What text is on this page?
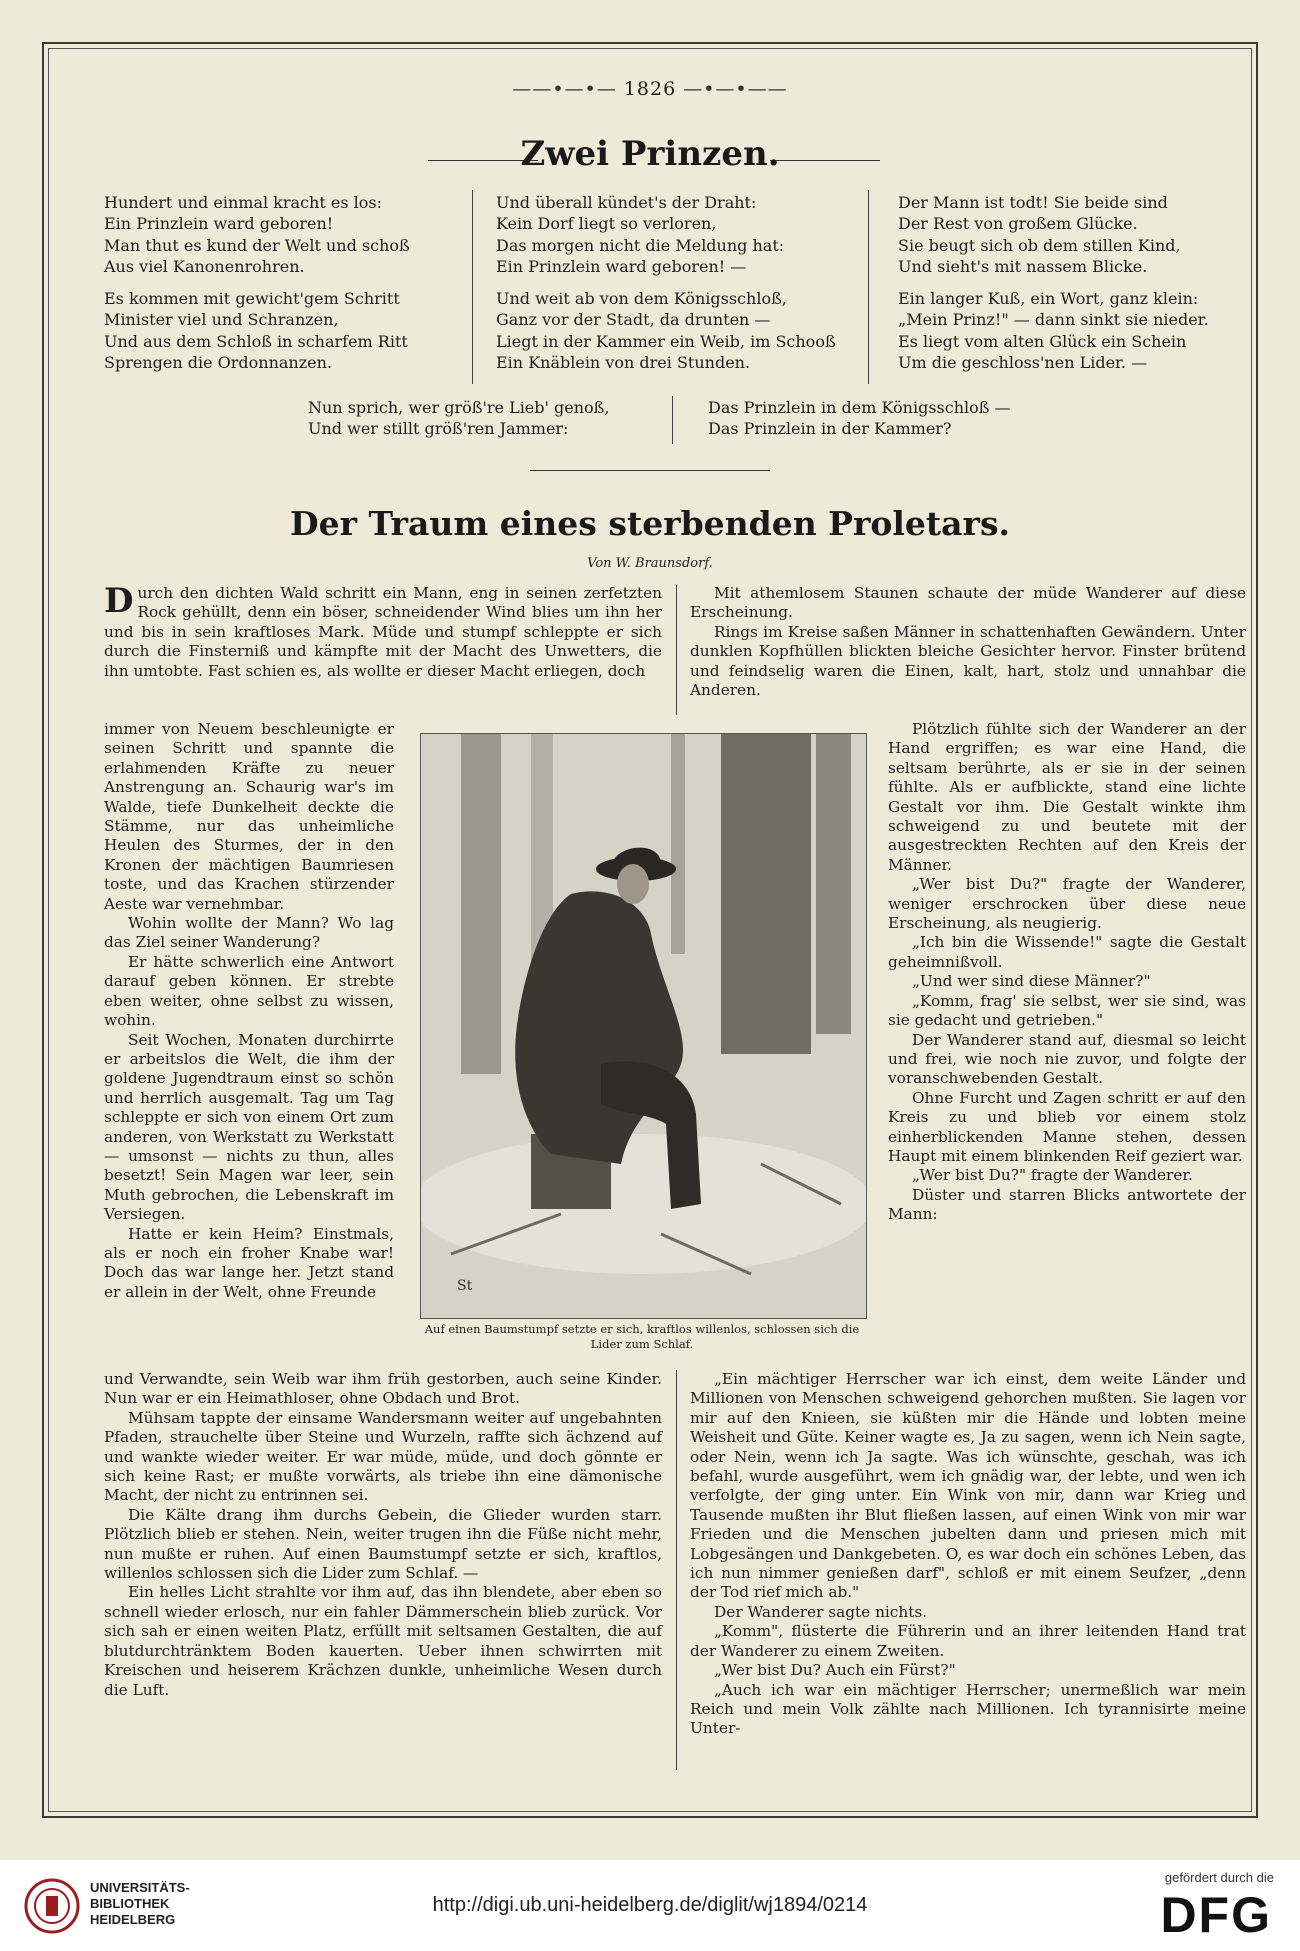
——•—•— 1826 —•—•——
Zwei Prinzen.

Hundert und einmal kracht es los:
Ein Prinzlein ward geboren!
Man thut es kund der Welt und schoß
Aus viel Kanonenrohren.

Es kommen mit gewicht'gem Schritt
Minister viel und Schranzen,
Und aus dem Schloß in scharfem Ritt
Sprengen die Ordonnanzen.

Und überall kündet's der Draht:
Kein Dorf liegt so verloren,
Das morgen nicht die Meldung hat:
Ein Prinzlein ward geboren! —

Und weit ab von dem Königsschloß,
Ganz vor der Stadt, da drunten —
Liegt in der Kammer ein Weib, im Schooß
Ein Knäblein von drei Stunden.

Der Mann ist todt! Sie beide sind
Der Rest von großem Glücke.
Sie beugt sich ob dem stillen Kind,
Und sieht's mit nassem Blicke.

Ein langer Kuß, ein Wort, ganz klein:
„Mein Prinz!" — dann sinkt sie nieder.
Es liegt vom alten Glück ein Schein
Um die geschloss'nen Lider. —

Nun sprich, wer größ're Lieb' genoß,
Und wer stillt größ'ren Jammer:

Das Prinzlein in dem Königsschloß —
Das Prinzlein in der Kammer?

Der Traum eines sterbenden Proletars.
Von W. Braunsdorf.

Durch den dichten Wald schritt ein Mann, eng in seinen zerfetzten Rock gehüllt, denn ein böser, schneidender Wind blies um ihn her und bis in sein kraftloses Mark. Müde und stumpf schleppte er sich durch die Finsterniß und kämpfte mit der Macht des Unwetters, die ihn umtobte. Fast schien es, als wollte er dieser Macht erliegen, doch

immer von Neuem beschleunigte er seinen Schritt und spannte die erlahmenden Kräfte zu neuer Anstrengung an. Schaurig war's im Walde, tiefe Dunkelheit deckte die Stämme, nur das unheimliche Heulen des Sturmes, der in den Kronen der mächtigen Baumriesen toste, und das Krachen stürzender Aeste war vernehmbar.

Wohin wollte der Mann? Wo lag das Ziel seiner Wanderung?

Er hätte schwerlich eine Antwort darauf geben können. Er strebte eben weiter, ohne selbst zu wissen, wohin.

Seit Wochen, Monaten durchirrte er arbeitslos die Welt, die ihm der goldene Jugendtraum einst so schön und herrlich ausgemalt. Tag um Tag schleppte er sich von einem Ort zum anderen, von Werkstatt zu Werkstatt — umsonst — nichts zu thun, alles besetzt! Sein Magen war leer, sein Muth gebrochen, die Lebenskraft im Versiegen.

Hatte er kein Heim? Einstmals, als er noch ein froher Knabe war! Doch das war lange her. Jetzt stand er allein in der Welt, ohne Freunde	St
Auf einen Baumstumpf setzte er sich, kraftlos willenlos, schlossen sich die Lider zum Schlaf.

und Verwandte, sein Weib war ihm früh gestorben, auch seine Kinder. Nun war er ein Heimathloser, ohne Obdach und Brot.

Mühsam tappte der einsame Wandersmann weiter auf ungebahnten Pfaden, strauchelte über Steine und Wurzeln, raffte sich ächzend auf und wankte wieder weiter. Er war müde, müde, und doch gönnte er sich keine Rast; er mußte vorwärts, als triebe ihn eine dämonische Macht, der nicht zu entrinnen sei.

Die Kälte drang ihm durchs Gebein, die Glieder wurden starr. Plötzlich blieb er stehen. Nein, weiter trugen ihn die Füße nicht mehr, nun mußte er ruhen. Auf einen Baumstumpf setzte er sich, kraftlos, willenlos schlossen sich die Lider zum Schlaf. —

Ein helles Licht strahlte vor ihm auf, das ihn blendete, aber eben so schnell wieder erlosch, nur ein fahler Dämmerschein blieb zurück. Vor sich sah er einen weiten Platz, erfüllt mit seltsamen Gestalten, die auf blutdurchtränktem Boden kauerten. Ueber ihnen schwirrten mit Kreischen und heiserem Krächzen dunkle, unheimliche Wesen durch die Luft.

Mit athemlosem Staunen schaute der müde Wanderer auf diese Erscheinung.

Rings im Kreise saßen Männer in schattenhaften Gewändern. Unter dunklen Kopfhüllen blickten bleiche Gesichter hervor. Finster brütend und feindselig waren die Einen, kalt, hart, stolz und unnahbar die Anderen.

Plötzlich fühlte sich der Wanderer an der Hand ergriffen; es war eine Hand, die seltsam berührte, als er sie in der seinen fühlte. Als er aufblickte, stand eine lichte Gestalt vor ihm. Die Gestalt winkte ihm schweigend zu und beutete mit der ausgestreckten Rechten auf den Kreis der Männer.

„Wer bist Du?" fragte der Wanderer, weniger erschrocken über diese neue Erscheinung, als neugierig.

„Ich bin die Wissende!" sagte die Gestalt geheimnißvoll.

„Und wer sind diese Männer?"

„Komm, frag' sie selbst, wer sie sind, was sie gedacht und getrieben."

Der Wanderer stand auf, diesmal so leicht und frei, wie noch nie zuvor, und folgte der voranschwebenden Gestalt.

Ohne Furcht und Zagen schritt er auf den Kreis zu und blieb vor einem stolz einherblickenden Manne stehen, dessen Haupt mit einem blinkenden Reif geziert war.

„Wer bist Du?" fragte der Wanderer.

Düster und starren Blicks antwortete der Mann:

„Ein mächtiger Herrscher war ich einst, dem weite Länder und Millionen von Menschen schweigend gehorchen mußten. Sie lagen vor mir auf den Knieen, sie küßten mir die Hände und lobten meine Weisheit und Güte. Keiner wagte es, Ja zu sagen, wenn ich Nein sagte, oder Nein, wenn ich Ja sagte. Was ich wünschte, geschah, was ich befahl, wurde ausgeführt, wem ich gnädig war, der lebte, und wen ich verfolgte, der ging unter. Ein Wink von mir, dann war Krieg und Tausende mußten ihr Blut fließen lassen, auf einen Wink von mir war Frieden und die Menschen jubelten dann und priesen mich mit Lobgesängen und Dankgebeten. O, es war doch ein schönes Leben, das ich nun nimmer genießen darf", schloß er mit einem Seufzer, „denn der Tod rief mich ab."

Der Wanderer sagte nichts.

„Komm", flüsterte die Führerin und an ihrer leitenden Hand trat der Wanderer zu einem Zweiten.

„Wer bist Du? Auch ein Fürst?"

„Auch ich war ein mächtiger Herrscher; unermeßlich war mein Reich und mein Volk zählte nach Millionen. Ich tyrannisirte meine Unter-

UNIVERSITÄTS-
BIBLIOTHEK
HEIDELBERG
http://digi.ub.uni-heidelberg.de/diglit/wj1894/0214
gefördert durch die
DFG
